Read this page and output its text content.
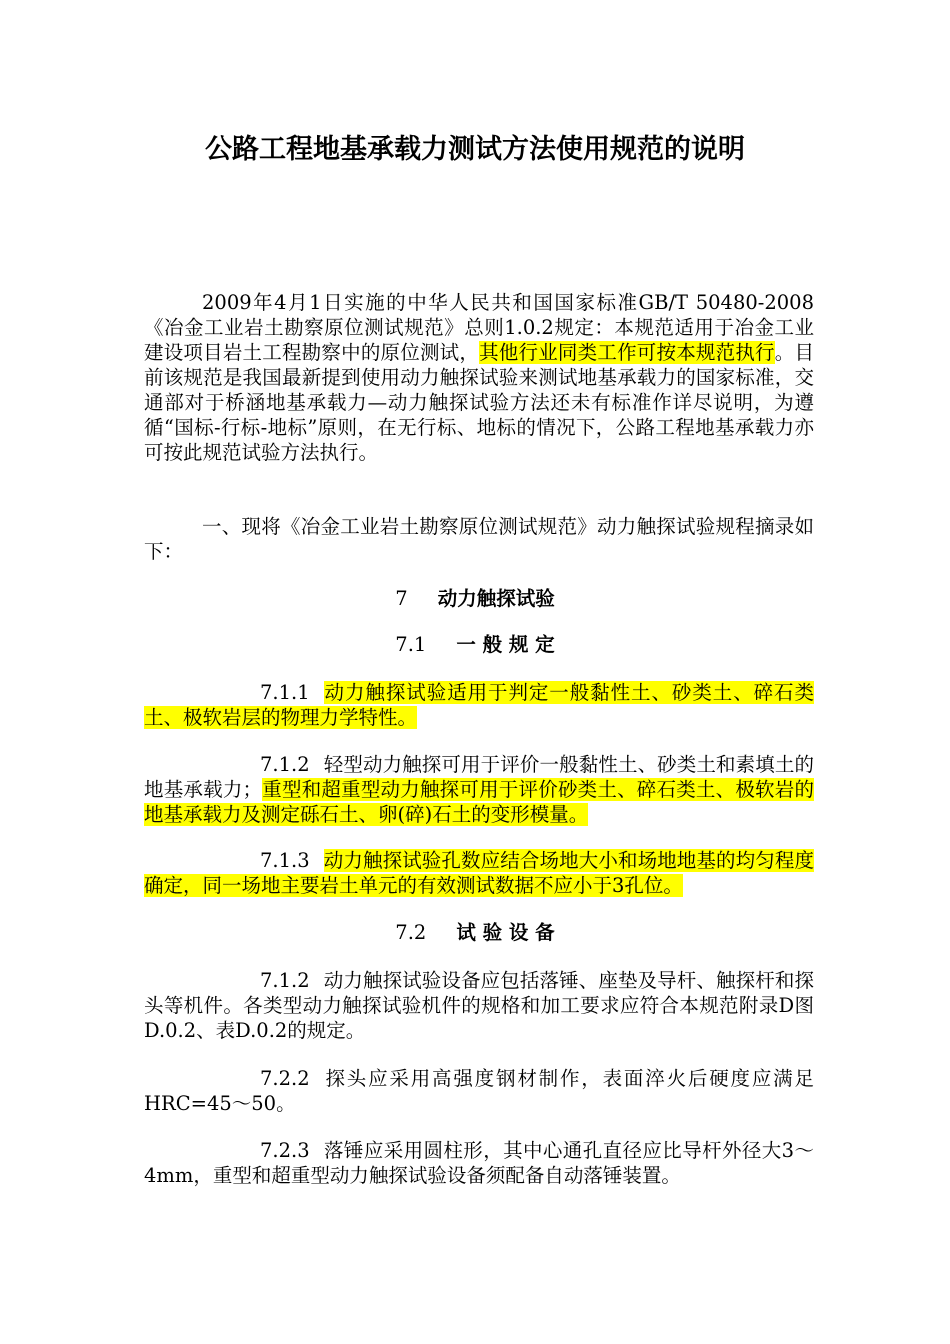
公路工程地基承载力测试方法使用规范的说明

2009年4月1日实施的中华人民共和国国家标准GB/T 50480-2008《冶金工业岩土勘察原位测试规范》总则1.0.2规定：本规范适用于冶金工业建设项目岩土工程勘察中的原位测试，其他行业同类工作可按本规范执行。目前该规范是我国最新提到使用动力触探试验来测试地基承载力的国家标准，交通部对于桥涵地基承载力—动力触探试验方法还未有标准作详尽说明，为遵循“国标-行标-地标”原则，在无行标、地标的情况下，公路工程地基承载力亦可按此规范试验方法执行。

一、现将《冶金工业岩土勘察原位测试规范》动力触探试验规程摘录如下：

7 动力触探试验
7.1 一 般 规 定

7.1.1 动力触探试验适用于判定一般黏性土、砂类土、碎石类土、极软岩层的物理力学特性。

7.1.2 轻型动力触探可用于评价一般黏性土、砂类土和素填土的地基承载力；重型和超重型动力触探可用于评价砂类土、碎石类土、极软岩的地基承载力及测定砾石土、卵(碎)石土的变形模量。

7.1.3 动力触探试验孔数应结合场地大小和场地地基的均匀程度确定，同一场地主要岩土单元的有效测试数据不应小于3孔位。

7.2 试 验 设 备

7.1.2 动力触探试验设备应包括落锤、座垫及导杆、触探杆和探头等机件。各类型动力触探试验机件的规格和加工要求应符合本规范附录D图D.0.2、表D.0.2的规定。

7.2.2 探头应采用高强度钢材制作，表面淬火后硬度应满足HRC=45～50。

7.2.3 落锤应采用圆柱形，其中心通孔直径应比导杆外径大3～4mm，重型和超重型动力触探试验设备须配备自动落锤装置。
